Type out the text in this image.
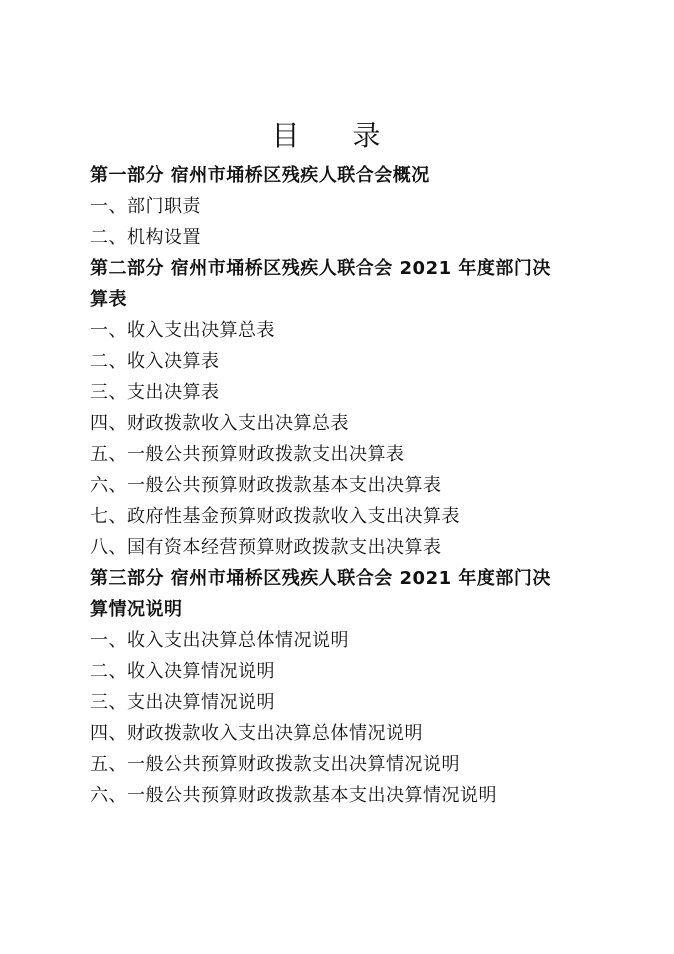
目 录

第一部分 宿州市埇桥区残疾人联合会概况

一、部门职责

二、机构设置

第二部分 宿州市埇桥区残疾人联合会 2021 年度部门决

算表

一、收入支出决算总表

二、收入决算表

三、支出决算表

四、财政拨款收入支出决算总表

五、一般公共预算财政拨款支出决算表

六、一般公共预算财政拨款基本支出决算表

七、政府性基金预算财政拨款收入支出决算表

八、国有资本经营预算财政拨款支出决算表

第三部分 宿州市埇桥区残疾人联合会 2021 年度部门决

算情况说明

一、收入支出决算总体情况说明

二、收入决算情况说明

三、支出决算情况说明

四、财政拨款收入支出决算总体情况说明

五、一般公共预算财政拨款支出决算情况说明

六、一般公共预算财政拨款基本支出决算情况说明
